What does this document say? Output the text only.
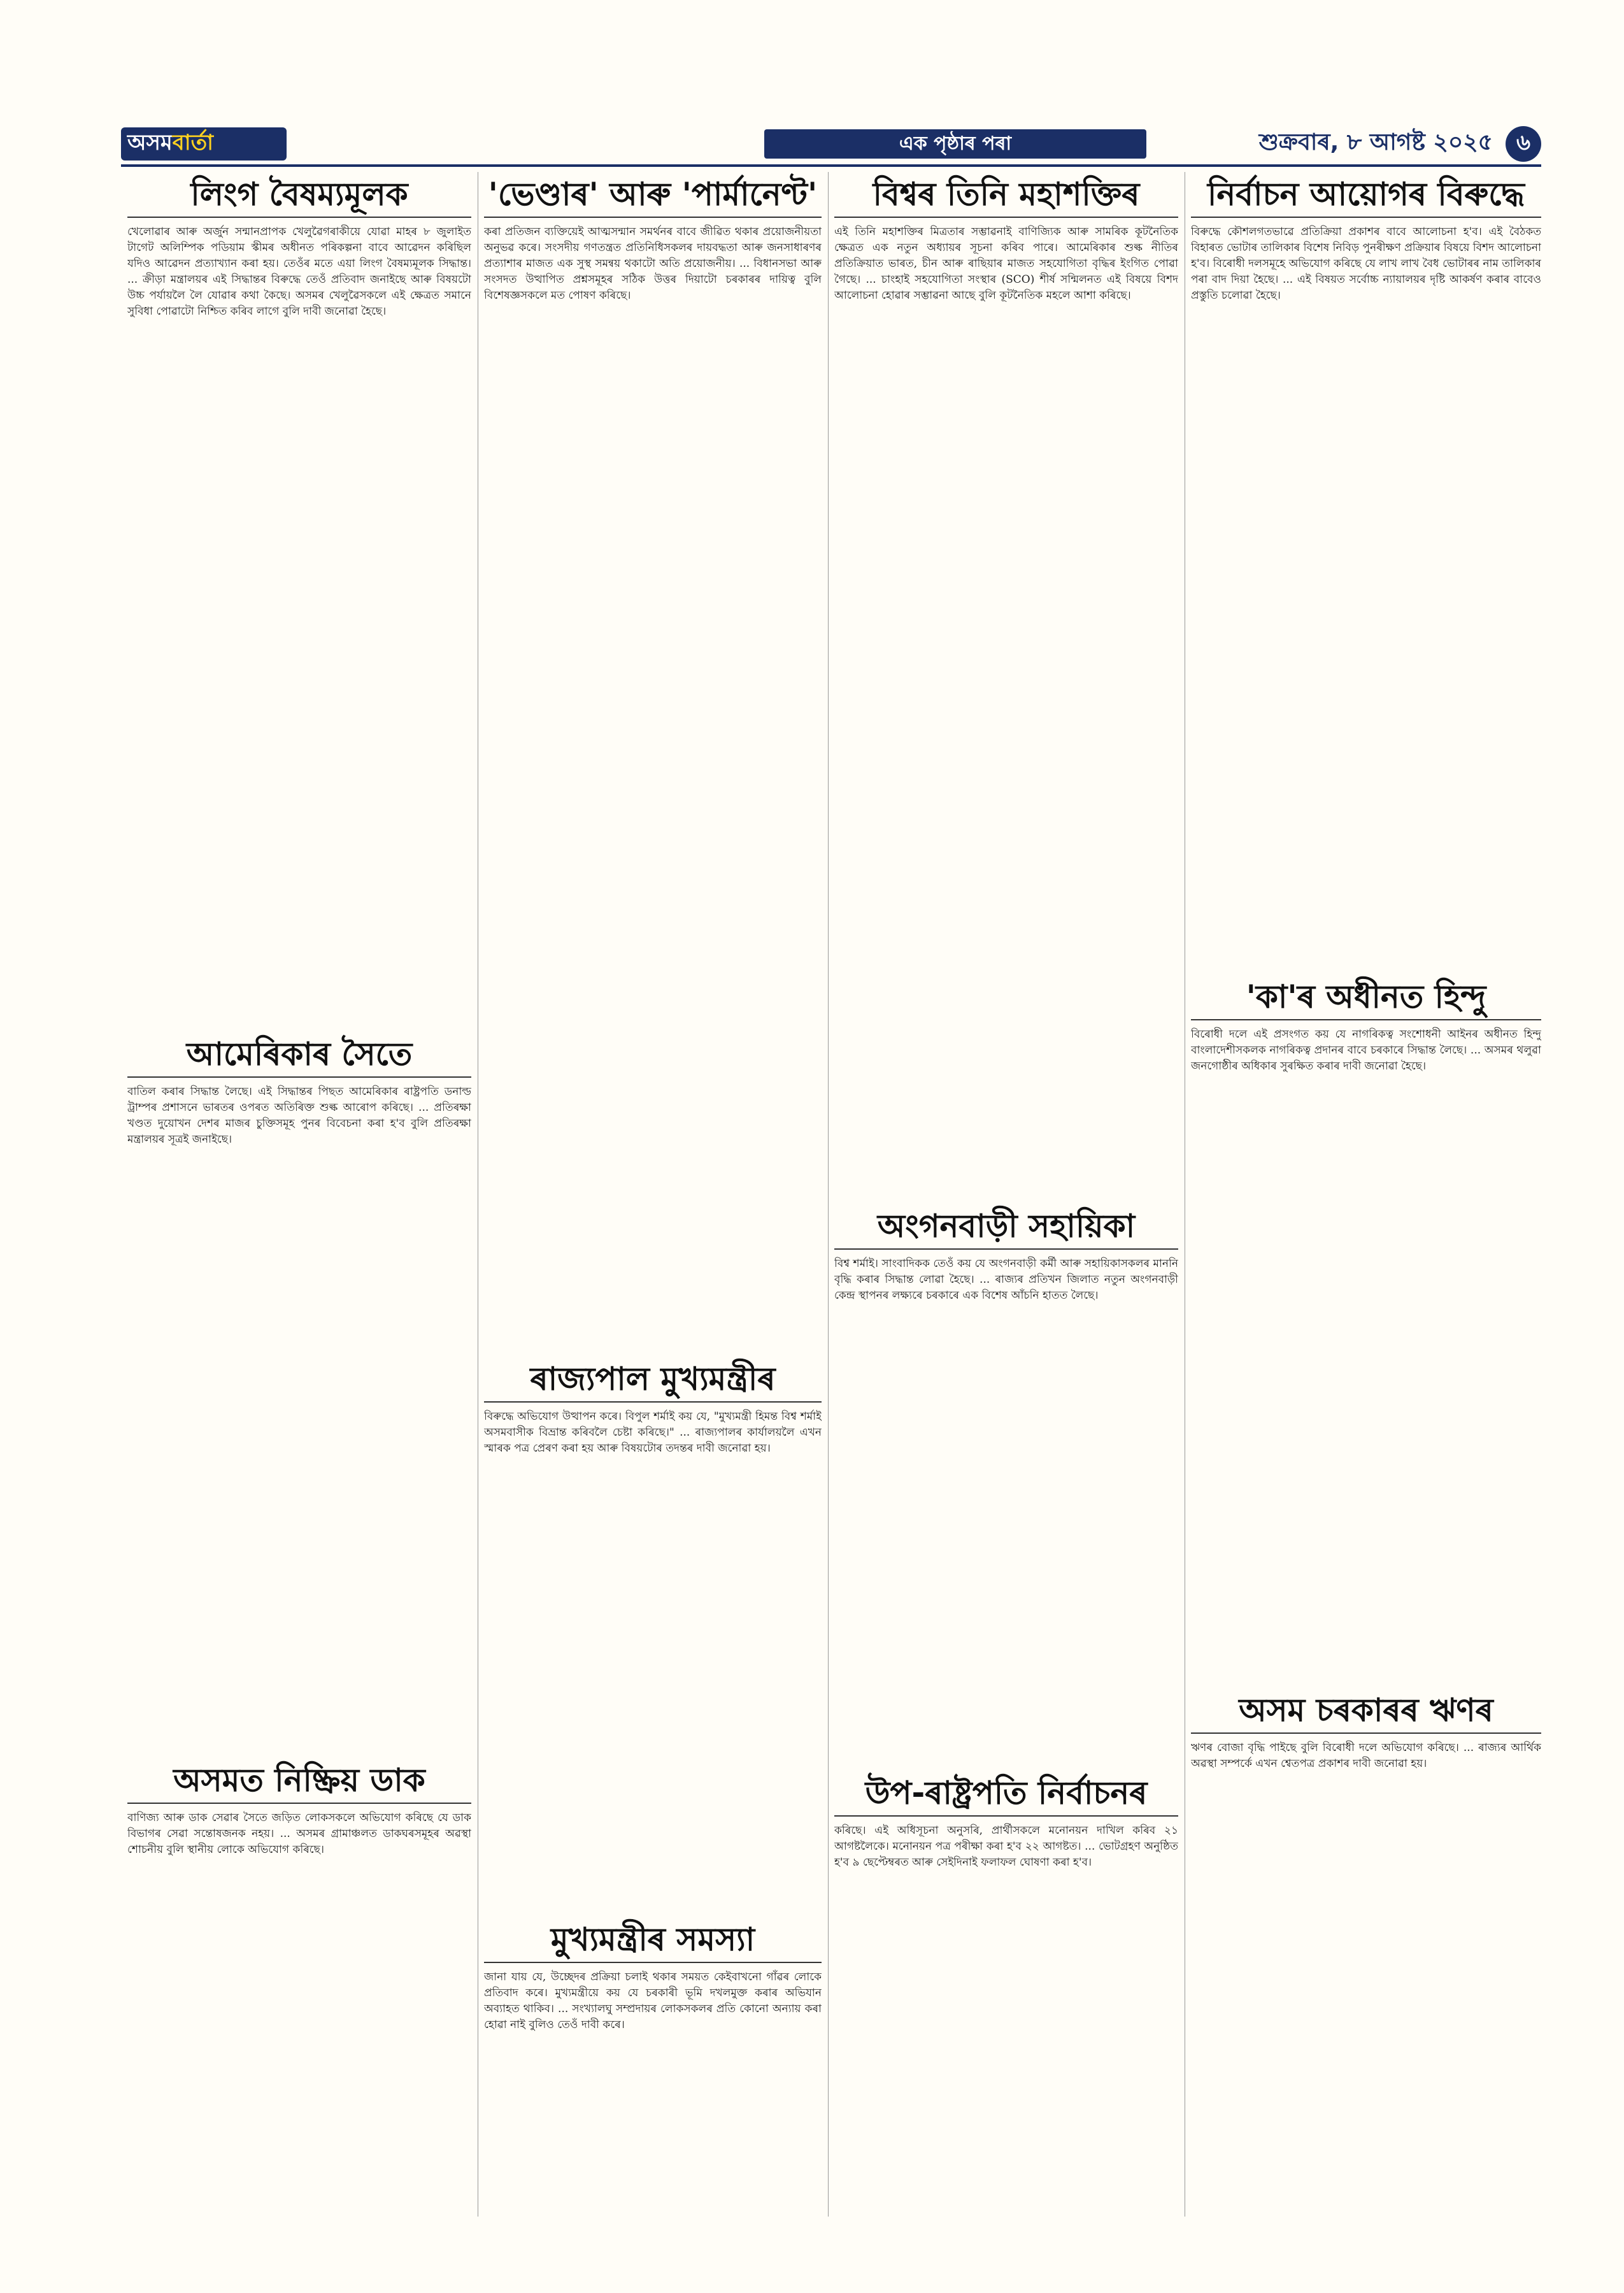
অসম বাৰ্তা	এক পৃষ্ঠাৰ পৰা	শুক্ৰবাৰ, ৮ আগষ্ট ২০২৫	৬
লিংগ বৈষম্যমূলক
খেলোৱাৰ আৰু অৰ্জুন সন্মানপ্ৰাপক খেলুৱৈগৰাকীয়ে যোৱা মাহৰ ৮ জুলাইত টাগেট অলিম্পিক পডিয়াম স্কীমৰ অধীনত পৰিকল্পনা বাবে আৱেদন কৰিছিল যদিও আৱেদন প্ৰত্যাখ্যান কৰা হয়। তেওঁৰ মতে এয়া লিংগ বৈষম্যমূলক সিদ্ধান্ত। ... ক্ৰীড়া মন্ত্ৰালয়ৰ এই সিদ্ধান্তৰ বিৰুদ্ধে তেওঁ প্ৰতিবাদ জনাইছে আৰু বিষয়টো উচ্চ পৰ্যায়লৈ লৈ যোৱাৰ কথা কৈছে। অসমৰ খেলুৱৈসকলে এই ক্ষেত্ৰত সমানে সুবিধা পোৱাটো নিশ্চিত কৰিব লাগে বুলি দাবী জনোৱা হৈছে।
আমেৰিকাৰ সৈতে
বাতিল কৰাৰ সিদ্ধান্ত লৈছে। এই সিদ্ধান্তৰ পিছত আমেৰিকাৰ ৰাষ্ট্ৰপতি ডনাল্ড ট্ৰাম্পৰ প্ৰশাসনে ভাৰতৰ ওপৰত অতিৰিক্ত শুল্ক আৰোপ কৰিছে। ... প্ৰতিৰক্ষা খণ্ডত দুয়োখন দেশৰ মাজৰ চুক্তিসমূহ পুনৰ বিবেচনা কৰা হ'ব বুলি প্ৰতিৰক্ষা মন্ত্ৰালয়ৰ সূত্ৰই জনাইছে।
অসমত নিষ্ক্ৰিয় ডাক
বাণিজ্য আৰু ডাক সেৱাৰ সৈতে জড়িত লোকসকলে অভিযোগ কৰিছে যে ডাক বিভাগৰ সেৱা সন্তোষজনক নহয়। ... অসমৰ গ্ৰামাঞ্চলত ডাকঘৰসমূহৰ অৱস্থা শোচনীয় বুলি স্থানীয় লোকে অভিযোগ কৰিছে।
'ভেণ্ডাৰ' আৰু 'পাৰ্মানেণ্ট'
কৰা প্ৰতিজন ব্যক্তিয়েই আত্মসন্মান সমৰ্থনৰ বাবে জীৱিত থকাৰ প্ৰয়োজনীয়তা অনুভৱ কৰে। সংসদীয় গণতন্ত্ৰত প্ৰতিনিধিসকলৰ দায়বদ্ধতা আৰু জনসাধাৰণৰ প্ৰত্যাশাৰ মাজত এক সুস্থ সমন্বয় থকাটো অতি প্ৰয়োজনীয়। ... বিধানসভা আৰু সংসদত উত্থাপিত প্ৰশ্নসমূহৰ সঠিক উত্তৰ দিয়াটো চৰকাৰৰ দায়িত্ব বুলি বিশেষজ্ঞসকলে মত পোষণ কৰিছে।
ৰাজ্যপাল মুখ্যমন্ত্ৰীৰ
বিৰুদ্ধে অভিযোগ উত্থাপন কৰে। বিপুল শৰ্মাই কয় যে, "মুখ্যমন্ত্ৰী হিমন্ত বিশ্ব শৰ্মাই অসমবাসীক বিভ্ৰান্ত কৰিবলৈ চেষ্টা কৰিছে।" ... ৰাজ্যপালৰ কাৰ্যালয়লৈ এখন স্মাৰক পত্ৰ প্ৰেৰণ কৰা হয় আৰু বিষয়টোৰ তদন্তৰ দাবী জনোৱা হয়।
মুখ্যমন্ত্ৰীৰ সমস্যা
জানা যায় যে, উচ্ছেদৰ প্ৰক্ৰিয়া চলাই থকাৰ সময়ত কেইবাখনো গাঁৱৰ লোকে প্ৰতিবাদ কৰে। মুখ্যমন্ত্ৰীয়ে কয় যে চৰকাৰী ভূমি দখলমুক্ত কৰাৰ অভিযান অব্যাহত থাকিব। ... সংখ্যালঘু সম্প্ৰদায়ৰ লোকসকলৰ প্ৰতি কোনো অন্যায় কৰা হোৱা নাই বুলিও তেওঁ দাবী কৰে।
বিশ্বৰ তিনি মহাশক্তিৰ
এই তিনি মহাশক্তিৰ মিত্ৰতাৰ সম্ভাৱনাই বাণিজ্যিক আৰু সামৰিক কূটনৈতিক ক্ষেত্ৰত এক নতুন অধ্যায়ৰ সূচনা কৰিব পাৰে। আমেৰিকাৰ শুল্ক নীতিৰ প্ৰতিক্ৰিয়াত ভাৰত, চীন আৰু ৰাছিয়াৰ মাজত সহযোগিতা বৃদ্ধিৰ ইংগিত পোৱা গৈছে। ... চাংহাই সহযোগিতা সংস্থাৰ (SCO) শীৰ্ষ সন্মিলনত এই বিষয়ে বিশদ আলোচনা হোৱাৰ সম্ভাৱনা আছে বুলি কূটনৈতিক মহলে আশা কৰিছে।
অংগনবাড়ী সহায়িকা
বিশ্ব শৰ্মাই। সাংবাদিকক তেওঁ কয় যে অংগনবাড়ী কৰ্মী আৰু সহায়িকাসকলৰ মাননি বৃদ্ধি কৰাৰ সিদ্ধান্ত লোৱা হৈছে। ... ৰাজ্যৰ প্ৰতিখন জিলাত নতুন অংগনবাড়ী কেন্দ্ৰ স্থাপনৰ লক্ষ্যৰে চৰকাৰে এক বিশেষ আঁচনি হাতত লৈছে।
উপ-ৰাষ্ট্ৰপতি নিৰ্বাচনৰ
কৰিছে। এই অধিসূচনা অনুসৰি, প্ৰাৰ্থীসকলে মনোনয়ন দাখিল কৰিব ২১ আগষ্টলৈকে। মনোনয়ন পত্ৰ পৰীক্ষা কৰা হ'ব ২২ আগষ্টত। ... ভোটগ্ৰহণ অনুষ্ঠিত হ'ব ৯ ছেপ্টেম্বৰত আৰু সেইদিনাই ফলাফল ঘোষণা কৰা হ'ব।
নিৰ্বাচন আয়োগৰ বিৰুদ্ধে
বিৰুদ্ধে কৌশলগতভাৱে প্ৰতিক্ৰিয়া প্ৰকাশৰ বাবে আলোচনা হ'ব। এই বৈঠকত বিহাৰত ভোটাৰ তালিকাৰ বিশেষ নিবিড় পুনৰীক্ষণ প্ৰক্ৰিয়াৰ বিষয়ে বিশদ আলোচনা হ'ব। বিৰোধী দলসমূহে অভিযোগ কৰিছে যে লাখ লাখ বৈধ ভোটাৰৰ নাম তালিকাৰ পৰা বাদ দিয়া হৈছে। ... এই বিষয়ত সৰ্বোচ্চ ন্যায়ালয়ৰ দৃষ্টি আকৰ্ষণ কৰাৰ বাবেও প্ৰস্তুতি চলোৱা হৈছে।
'কা'ৰ অধীনত হিন্দু
বিৰোধী দলে এই প্ৰসংগত কয় যে নাগৰিকত্ব সংশোধনী আইনৰ অধীনত হিন্দু বাংলাদেশীসকলক নাগৰিকত্ব প্ৰদানৰ বাবে চৰকাৰে সিদ্ধান্ত লৈছে। ... অসমৰ থলুৱা জনগোষ্ঠীৰ অধিকাৰ সুৰক্ষিত কৰাৰ দাবী জনোৱা হৈছে।
অসম চৰকাৰৰ ঋণৰ
ঋণৰ বোজা বৃদ্ধি পাইছে বুলি বিৰোধী দলে অভিযোগ কৰিছে। ... ৰাজ্যৰ আৰ্থিক অৱস্থা সম্পৰ্কে এখন শ্বেতপত্ৰ প্ৰকাশৰ দাবী জনোৱা হয়।
